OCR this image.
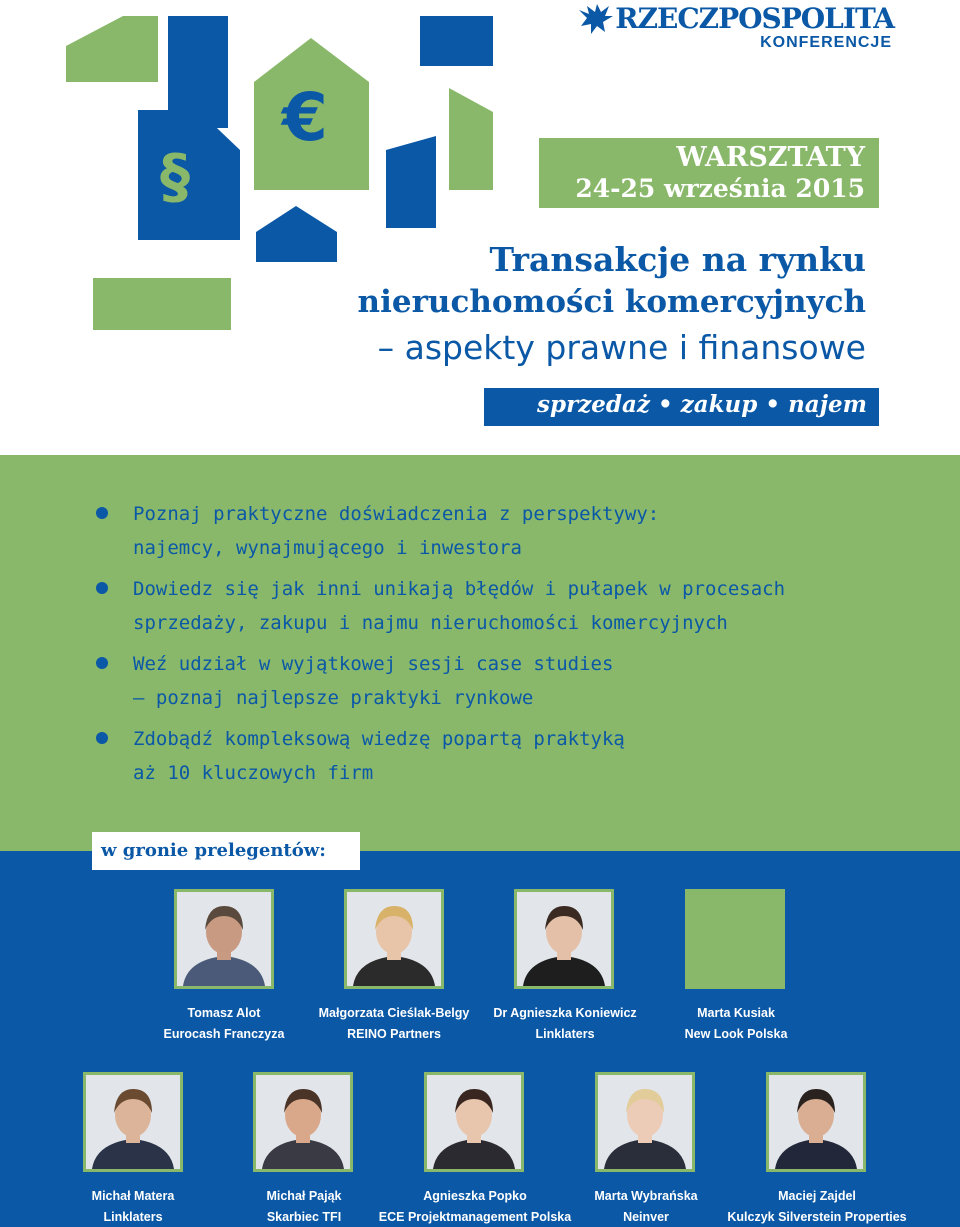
§
€
RZECZPOSPOLITA
KONFERENCJE
WARSZTATY
24-25 września 2015
Transakcje na rynku
nieruchomości komercyjnych
– aspekty prawne i finansowe
sprzedaż • zakup • najem
Poznaj praktyczne doświadczenia z perspektywy:
najemcy, wynajmującego i inwestora
Dowiedz się jak inni unikają błędów i pułapek w procesach
sprzedaży, zakupu i najmu nieruchomości komercyjnych
Weź udział w wyjątkowej sesji case studies
– poznaj najlepsze praktyki rynkowe
Zdobądź kompleksową wiedzę popartą praktyką
aż 10 kluczowych firm
w gronie prelegentów:
Tomasz Alot
Eurocash Franczyza
Małgorzata Cieślak-Belgy
REINO Partners
Dr Agnieszka Koniewicz
Linklaters
Marta Kusiak
New Look Polska
Michał Matera
Linklaters
Michał Pająk
Skarbiec TFI
Agnieszka Popko
ECE Projektmanagement Polska
Marta Wybrańska
Neinver
Maciej Zajdel
Kulczyk Silverstein Properties
